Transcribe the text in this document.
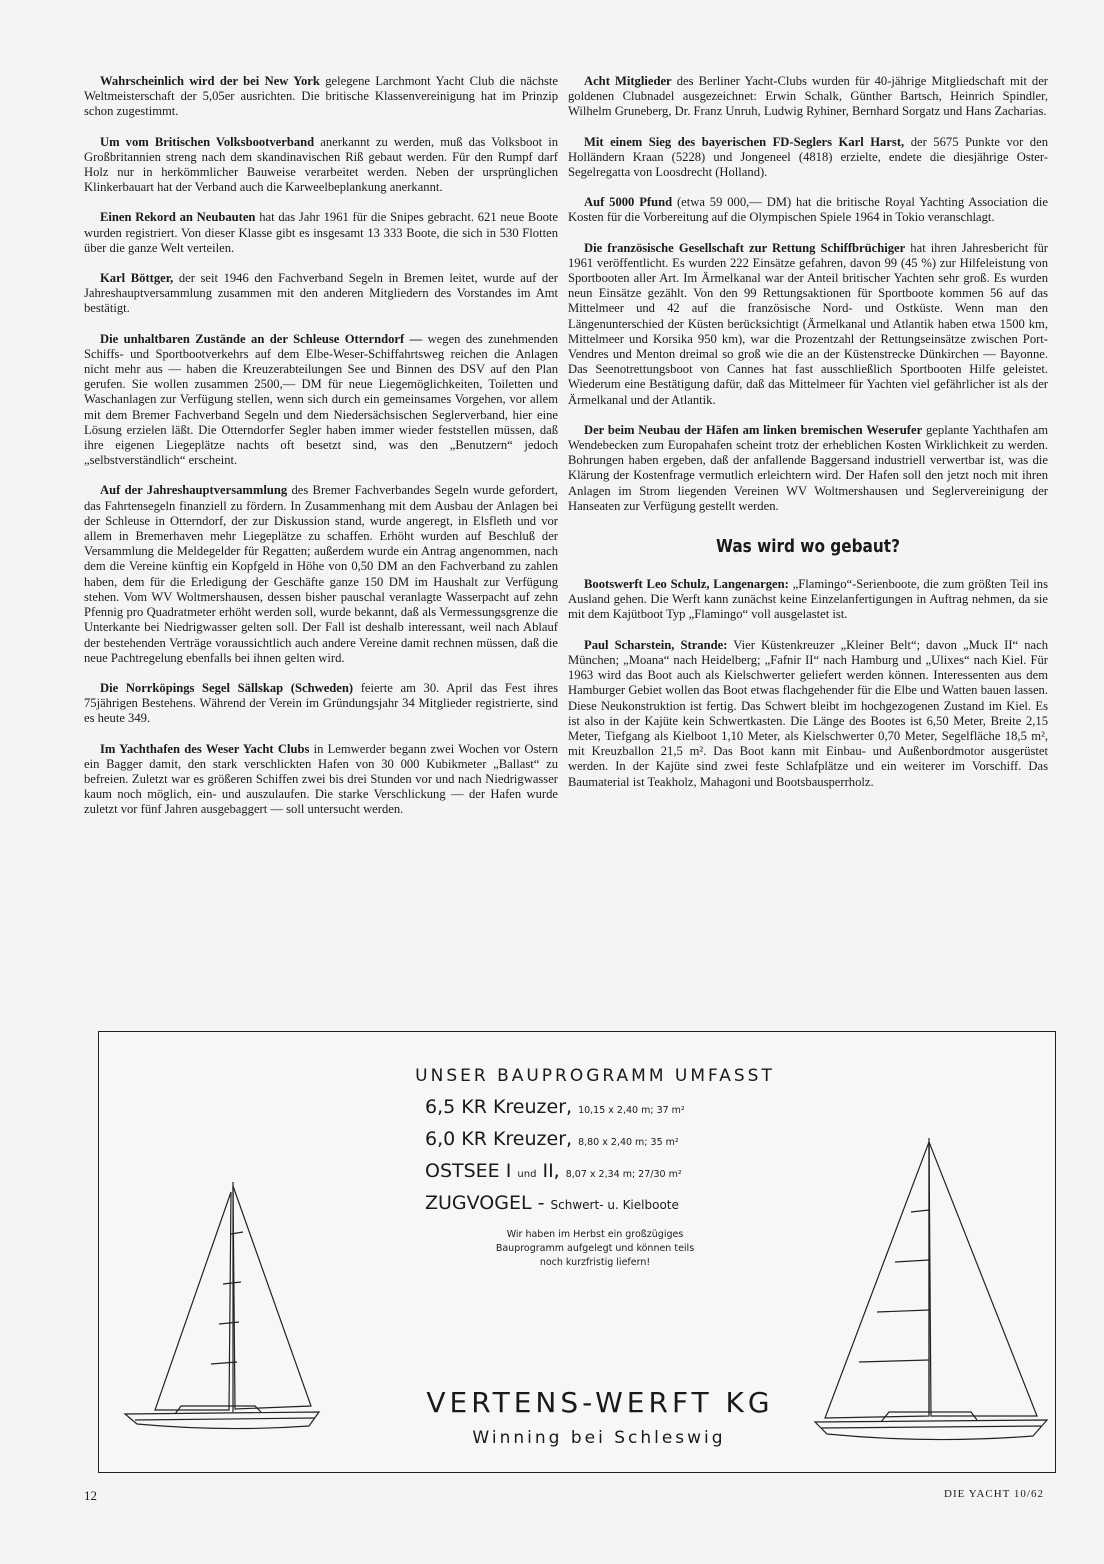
Wahrscheinlich wird der bei New York gelegene Larchmont Yacht Club die nächste Weltmeisterschaft der 5,05er ausrichten. Die britische Klassenvereinigung hat im Prinzip schon zugestimmt.

Um vom Britischen Volksbootverband anerkannt zu werden, muß das Volksboot in Großbritannien streng nach dem skandinavischen Riß gebaut werden. Für den Rumpf darf Holz nur in herkömmlicher Bauweise verarbeitet werden. Neben der ursprünglichen Klinkerbauart hat der Verband auch die Karweelbeplankung anerkannt.

Einen Rekord an Neubauten hat das Jahr 1961 für die Snipes gebracht. 621 neue Boote wurden registriert. Von dieser Klasse gibt es insgesamt 13 333 Boote, die sich in 530 Flotten über die ganze Welt verteilen.

Karl Böttger, der seit 1946 den Fachverband Segeln in Bremen leitet, wurde auf der Jahreshauptversammlung zusammen mit den anderen Mitgliedern des Vorstandes im Amt bestätigt.

Die unhaltbaren Zustände an der Schleuse Otterndorf — wegen des zunehmenden Schiffs- und Sportbootverkehrs auf dem Elbe-Weser-Schiffahrtsweg reichen die Anlagen nicht mehr aus — haben die Kreuzerabteilungen See und Binnen des DSV auf den Plan gerufen. Sie wollen zusammen 2500,— DM für neue Liegemöglichkeiten, Toiletten und Waschanlagen zur Verfügung stellen, wenn sich durch ein gemeinsames Vorgehen, vor allem mit dem Bremer Fachverband Segeln und dem Niedersächsischen Seglerverband, hier eine Lösung erzielen läßt. Die Otterndorfer Segler haben immer wieder feststellen müssen, daß ihre eigenen Liegeplätze nachts oft besetzt sind, was den „Benutzern“ jedoch „selbstverständlich“ erscheint.

Auf der Jahreshauptversammlung des Bremer Fachverbandes Segeln wurde gefordert, das Fahrtensegeln finanziell zu fördern. In Zusammenhang mit dem Ausbau der Anlagen bei der Schleuse in Otterndorf, der zur Diskussion stand, wurde angeregt, in Elsfleth und vor allem in Bremerhaven mehr Liegeplätze zu schaffen. Erhöht wurden auf Beschluß der Versammlung die Meldegelder für Regatten; außerdem wurde ein Antrag angenommen, nach dem die Vereine künftig ein Kopfgeld in Höhe von 0,50 DM an den Fachverband zu zahlen haben, dem für die Erledigung der Geschäfte ganze 150 DM im Haushalt zur Verfügung stehen. Vom WV Woltmershausen, dessen bisher pauschal veranlagte Wasserpacht auf zehn Pfennig pro Quadratmeter erhöht werden soll, wurde bekannt, daß als Vermessungsgrenze die Unterkante bei Niedrigwasser gelten soll. Der Fall ist deshalb interessant, weil nach Ablauf der bestehenden Verträge voraussichtlich auch andere Vereine damit rechnen müssen, daß die neue Pachtregelung ebenfalls bei ihnen gelten wird.

Die Norrköpings Segel Sällskap (Schweden) feierte am 30. April das Fest ihres 75jährigen Bestehens. Während der Verein im Gründungsjahr 34 Mitglieder registrierte, sind es heute 349.

Im Yachthafen des Weser Yacht Clubs in Lemwerder begann zwei Wochen vor Ostern ein Bagger damit, den stark verschlickten Hafen von 30 000 Kubikmeter „Ballast“ zu befreien. Zuletzt war es größeren Schiffen zwei bis drei Stunden vor und nach Niedrigwasser kaum noch möglich, ein- und auszulaufen. Die starke Verschlickung — der Hafen wurde zuletzt vor fünf Jahren ausgebaggert — soll untersucht werden.

Acht Mitglieder des Berliner Yacht-Clubs wurden für 40-jährige Mitgliedschaft mit der goldenen Clubnadel ausgezeichnet: Erwin Schalk, Günther Bartsch, Heinrich Spindler, Wilhelm Gruneberg, Dr. Franz Unruh, Ludwig Ryhiner, Bernhard Sorgatz und Hans Zacharias.

Mit einem Sieg des bayerischen FD-Seglers Karl Harst, der 5675 Punkte vor den Holländern Kraan (5228) und Jongeneel (4818) erzielte, endete die diesjährige Oster-Segelregatta von Loosdrecht (Holland).

Auf 5000 Pfund (etwa 59 000,— DM) hat die britische Royal Yachting Association die Kosten für die Vorbereitung auf die Olympischen Spiele 1964 in Tokio veranschlagt.

Die französische Gesellschaft zur Rettung Schiffbrüchiger hat ihren Jahresbericht für 1961 veröffentlicht. Es wurden 222 Einsätze gefahren, davon 99 (45 %) zur Hilfeleistung von Sportbooten aller Art. Im Ärmelkanal war der Anteil britischer Yachten sehr groß. Es wurden neun Einsätze gezählt. Von den 99 Rettungsaktionen für Sportboote kommen 56 auf das Mittelmeer und 42 auf die französische Nord- und Ostküste. Wenn man den Längenunterschied der Küsten berücksichtigt (Ärmelkanal und Atlantik haben etwa 1500 km, Mittelmeer und Korsika 950 km), war die Prozentzahl der Rettungseinsätze zwischen Port-Vendres und Menton dreimal so groß wie die an der Küstenstrecke Dünkirchen — Bayonne. Das Seenotrettungsboot von Cannes hat fast ausschließlich Sportbooten Hilfe geleistet. Wiederum eine Bestätigung dafür, daß das Mittelmeer für Yachten viel gefährlicher ist als der Ärmelkanal und der Atlantik.

Der beim Neubau der Häfen am linken bremischen Weserufer geplante Yachthafen am Wendebecken zum Europahafen scheint trotz der erheblichen Kosten Wirklichkeit zu werden. Bohrungen haben ergeben, daß der anfallende Baggersand industriell verwertbar ist, was die Klärung der Kostenfrage vermutlich erleichtern wird. Der Hafen soll den jetzt noch mit ihren Anlagen im Strom liegenden Vereinen WV Woltmershausen und Seglervereinigung der Hanseaten zur Verfügung gestellt werden.

Was wird wo gebaut?

Bootswerft Leo Schulz, Langenargen: „Flamingo“-Serienboote, die zum größten Teil ins Ausland gehen. Die Werft kann zunächst keine Einzelanfertigungen in Auftrag nehmen, da sie mit dem Kajütboot Typ „Flamingo“ voll ausgelastet ist.

Paul Scharstein, Strande: Vier Küstenkreuzer „Kleiner Belt“; davon „Muck II“ nach München; „Moana“ nach Heidelberg; „Fafnir II“ nach Hamburg und „Ulixes“ nach Kiel. Für 1963 wird das Boot auch als Kielschwerter geliefert werden können. Interessenten aus dem Hamburger Gebiet wollen das Boot etwas flachgehender für die Elbe und Watten bauen lassen. Diese Neukonstruktion ist fertig. Das Schwert bleibt im hochgezogenen Zustand im Kiel. Es ist also in der Kajüte kein Schwertkasten. Die Länge des Bootes ist 6,50 Meter, Breite 2,15 Meter, Tiefgang als Kielboot 1,10 Meter, als Kielschwerter 0,70 Meter, Segelfläche 18,5 m², mit Kreuzballon 21,5 m². Das Boot kann mit Einbau- und Außenbordmotor ausgerüstet werden. In der Kajüte sind zwei feste Schlafplätze und ein weiterer im Vorschiff. Das Baumaterial ist Teakholz, Mahagoni und Bootsbausperrholz.

UNSER BAUPROGRAMM UMFASST
6,5 KR Kreuzer, 10,15 x 2,40 m; 37 m²
6,0 KR Kreuzer, 8,80 x 2,40 m; 35 m²
OSTSEE I und II, 8,07 x 2,34 m; 27/30 m²
ZUGVOGEL - Schwert- u. Kielboote
Wir haben im Herbst ein großzügiges Bauprogramm aufgelegt und können teils noch kurzfristig liefern!
VERTENS-WERFT KG
Winning bei Schleswig
12	DIE YACHT 10/62
